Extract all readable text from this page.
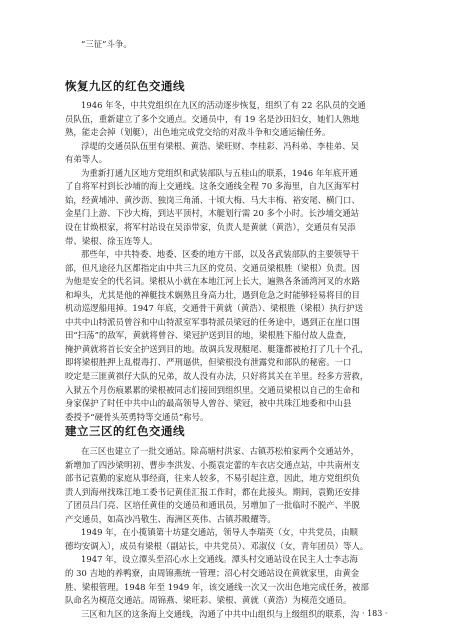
“三征”斗争。
恢复九区的红色交通线
1946 年冬，中共党组织在九区的活动逐步恢复，组织了有 22 名队员的交通
员队伍，重新建立了多个交通点。交通员中，有 19 名是沙田妇女，她们人熟地
熟，能走会掉（划艇），出色地完成党交给的对敌斗争和交通运输任务。
浮堤的交通员队伍里有梁根、黄浩、梁旺财、李桂彩、冯科弟、李桂弟、吴
有弟等人。
为重新打通九区地方党组织和武装部队与五桂山的联系，1946 年年底开通
了自将军村到长沙埔的海上交通线。这条交通线全程 70 多海里，自九区海军村
始，经黄埔冲、黄沙沥、独岗三角涌、十顷大梅、马大丰梅、裕安尾、横门口、
金星门上游、下沙大梅，到达平顶村，木艇划行需 20 多个小时。长沙埔交通站
设在甘焕根家，将军村站设在吴添带家，负责人是黄就（黄浩），交通员有吴添
带、梁根、徐玉连等人。
那些年，中共特委、地委、区委的地方干部，以及各武装部队的主要领导干
部，但凡途径九区都指定由中共三九区的党员、交通员梁根胜（梁根）负责。因
为他是安全的代名词。梁根从小就在本地江河上长大，遍熟各条涌湾河叉的水路
和埠头，尤其是他的禅艇技术娴熟且身高力壮，遇到危急之时能够轻易将目的目
机动巡逻船甩掉。1947 年底，交通骨干黄就（黄浩）、梁根胜（梁根）执行护送
中共中山特派员曾谷和中山特派室军事特派员梁冠的任务途中，遇到正在崖口围
田“扫荡”的敌军，黄就将曾谷、梁冠护送到目的地，梁根胜下船付故人盘查，
掩护黄就将首长安全护送到目的地。故调兵发现艇尾、艇篷都被枪打了几十个孔，
即将梁根胜押上乱棍毒打、严刑逼供，但梁根没有泄露党和部队的秘密。一口
咬定是三匪黄祺仔大队的兄弟，故人没有办法，只好将其关在羊里。经多方营救，
入狱五个月伤痕累累的梁根被同志们接回到组织里。交通员梁根以自己的生命和
身家保护了时任中共中山的最高领导人曾谷、梁冠，被中共珠江地委和中山县
委授予“硬骨头英勇特等交通员”称号。
建立三区的红色交通线
在三区也建立了一批交通站。除高塘村洪家、古镇苏松柏家两个交通站外，
新增加了四沙梁明初、曹步李洪发、小揽袁定蕾的车衣店交通点站，中共南州支
部书记袁勤的家庭从事经商，往来人较多，不易引起注意，因此，地方党组织负
责人到海州找珠江地工委书记黄佳汇报工作时，都在此接头。期间，袁勤还安排
了团员吕门亮、区培任黄佳的交通员和通讯员，另增加了一批临时不脱产、半脱
产交通员，如高沙冯敬生、海洲区英伟、古镇苏殿耀等。
1949 年，在小揽镇第十坊建交通站，领导人李瑞英（女，中共党员，由顺
德均安调入），成员有梁根（副站长，中共党员）、邓淑仪（女，青年团员）等人。
1947 年，设立潭头至沼心水上交通线。潭头村交通站设在民主人士李志海
的 30 吉地的养鸭寮，由周锦燕统一管理；沼心村交通站设在黄就家里，由黄金
胜、梁根管理。1948 年至 1949 年，该交通线一次又一次出色地完成任务，被部
队命名为模范交通站。周锦燕、梁旺彩、梁根、黄就（黄浩）为模范交通员。
三区和九区的这条海上交通线，沟通了中共中山组织与上级组织的联系，沟 · 183 ·
